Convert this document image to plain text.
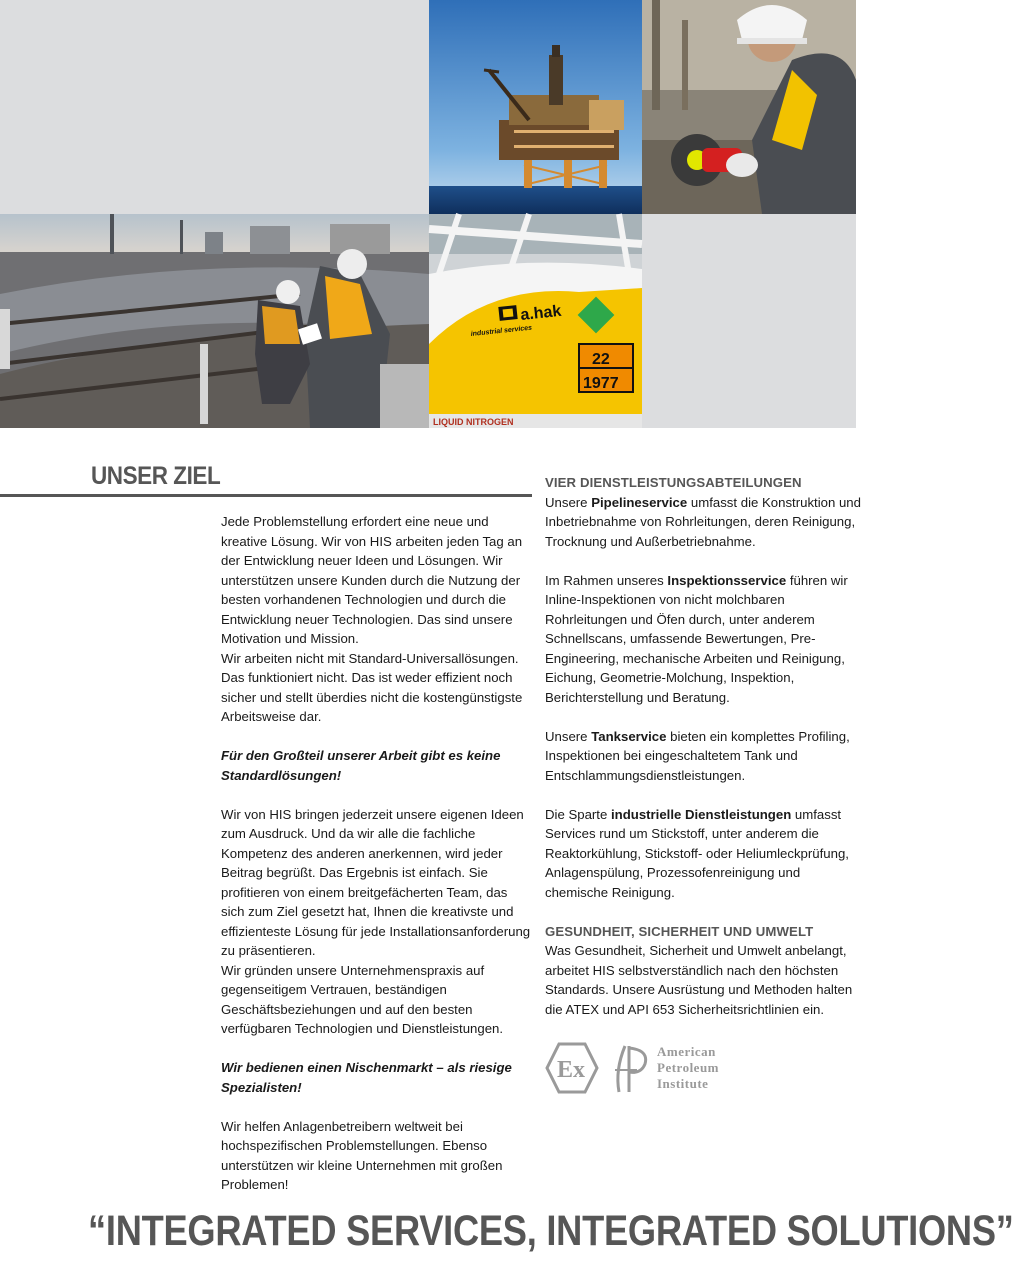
a.hak
industrial services
22
1977
LIQUID NITROGEN
UNSER ZIEL

Jede Problemstellung erfordert eine neue und kreative Lösung. Wir von HIS arbeiten jeden Tag an der Entwicklung neuer Ideen und Lösungen. Wir unterstützen unsere Kunden durch die Nutzung der besten vorhandenen Technologien und durch die Entwicklung neuer Technologien. Das sind unsere Motivation und Mission.

Wir arbeiten nicht mit Standard-Universallösungen. Das funktioniert nicht. Das ist weder effizient noch sicher und stellt überdies nicht die kostengünstigste Arbeitsweise dar.

Für den Großteil unserer Arbeit gibt es keine Standardlösungen!

Wir von HIS bringen jederzeit unsere eigenen Ideen zum Ausdruck. Und da wir alle die fachliche Kompetenz des anderen anerkennen, wird jeder Beitrag begrüßt. Das Ergebnis ist einfach. Sie profitieren von einem breitgefächerten Team, das sich zum Ziel gesetzt hat, Ihnen die kreativste und effizienteste Lösung für jede Installationsanforderung zu präsentieren.

Wir gründen unsere Unternehmenspraxis auf gegenseitigem Vertrauen, beständigen Geschäftsbeziehungen und auf den besten verfügbaren Technologien und Dienstleistungen.

Wir bedienen einen Nischenmarkt – als riesige Spezialisten!

Wir helfen Anlagenbetreibern weltweit bei hochspezifischen Problemstellungen. Ebenso unterstützen wir kleine Unternehmen mit großen Problemen!

VIER DIENSTLEISTUNGSABTEILUNGEN

Unsere Pipelineservice umfasst die Konstruktion und Inbetriebnahme von Rohrleitungen, deren Reinigung, Trocknung und Außerbetriebnahme.

Im Rahmen unseres Inspektionsservice führen wir Inline-Inspektionen von nicht molchbaren Rohrleitungen und Öfen durch, unter anderem Schnellscans, umfassende Bewertungen, Pre-Engineering, mechanische Arbeiten und Reinigung, Eichung, Geometrie-Molchung, Inspektion, Berichterstellung und Beratung.

Unsere Tankservice bieten ein komplettes Profiling, Inspektionen bei eingeschaltetem Tank und Entschlammungsdienstleistungen.

Die Sparte industrielle Dienstleistungen umfasst Services rund um Stickstoff, unter anderem die Reaktorkühlung, Stickstoff- oder Heliumleckprüfung, Anlagenspülung, Prozessofenreinigung und chemische Reinigung.

GESUNDHEIT, SICHERHEIT UND UMWELT

Was Gesundheit, Sicherheit und Umwelt anbelangt, arbeitet HIS selbstverständlich nach den höchsten Standards. Unsere Ausrüstung und Methoden halten die ATEX und API 653 Sicherheitsrichtlinien ein.

Ex
American
Petroleum
Institute
“INTEGRATED SERVICES, INTEGRATED SOLUTIONS”
